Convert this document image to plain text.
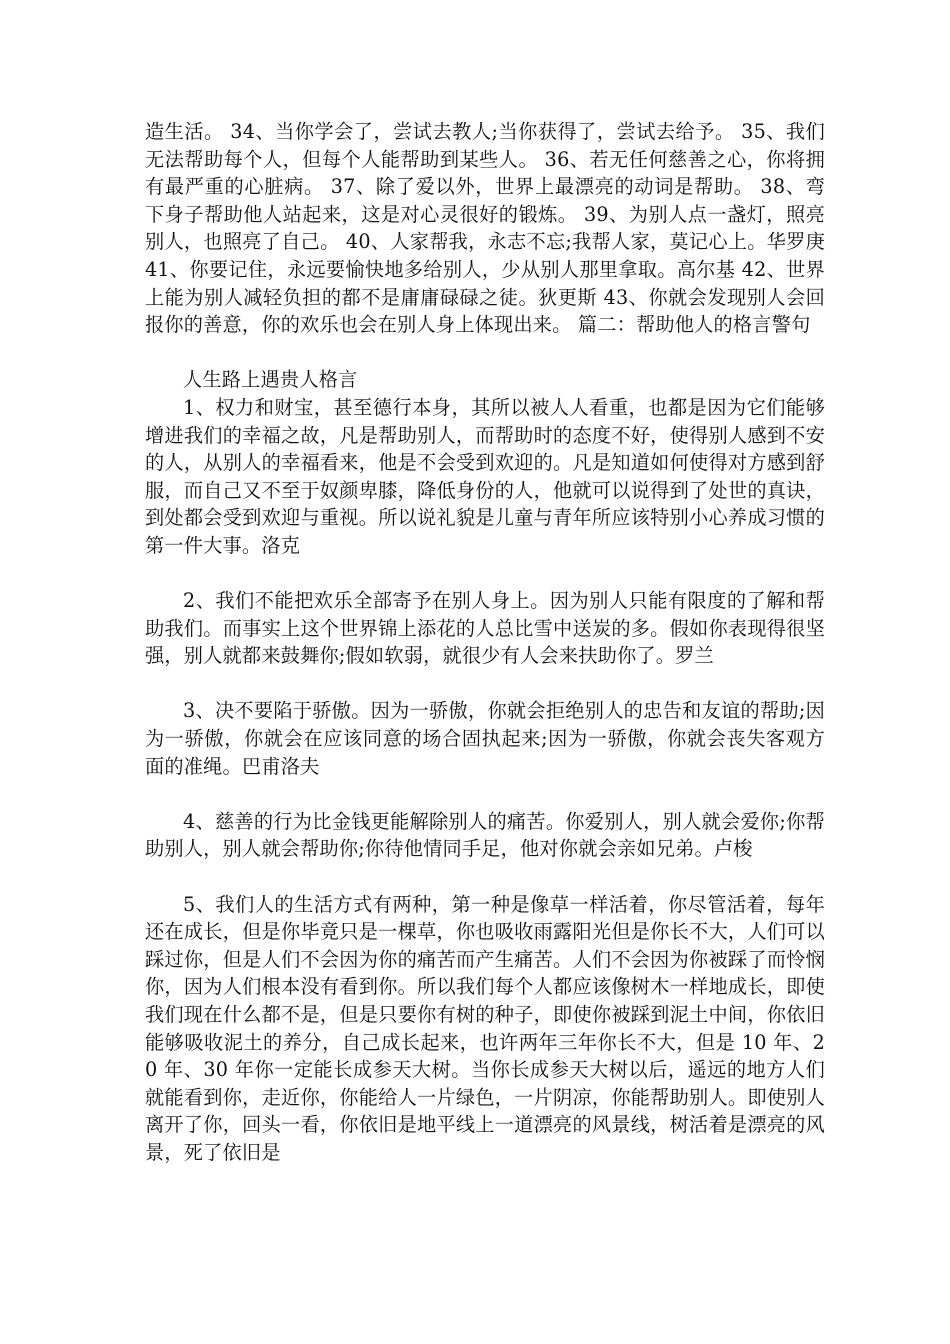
造生活。 34、当你学会了，尝试去教人;当你获得了，尝试去给予。 35、我们无法帮助每个人，但每个人能帮助到某些人。 36、若无任何慈善之心，你将拥有最严重的心脏病。 37、除了爱以外，世界上最漂亮的动词是帮助。 38、弯下身子帮助他人站起来，这是对心灵很好的锻炼。 39、为别人点一盏灯，照亮别人，也照亮了自己。 40、人家帮我，永志不忘;我帮人家，莫记心上。华罗庚 41、你要记住，永远要愉快地多给别人，少从别人那里拿取。高尔基 42、世界上能为别人减轻负担的都不是庸庸碌碌之徒。狄更斯 43、你就会发现别人会回报你的善意，你的欢乐也会在别人身上体现出来。 篇二：帮助他人的格言警句

人生路上遇贵人格言

1、权力和财宝，甚至德行本身，其所以被人人看重，也都是因为它们能够增进我们的幸福之故，凡是帮助别人，而帮助时的态度不好，使得别人感到不安的人，从别人的幸福看来，他是不会受到欢迎的。凡是知道如何使得对方感到舒服，而自己又不至于奴颜卑膝，降低身份的人，他就可以说得到了处世的真诀，到处都会受到欢迎与重视。所以说礼貌是儿童与青年所应该特别小心养成习惯的第一件大事。洛克

2、我们不能把欢乐全部寄予在别人身上。因为别人只能有限度的了解和帮助我们。而事实上这个世界锦上添花的人总比雪中送炭的多。假如你表现得很坚强，别人就都来鼓舞你;假如软弱，就很少有人会来扶助你了。罗兰

3、决不要陷于骄傲。因为一骄傲，你就会拒绝别人的忠告和友谊的帮助;因为一骄傲，你就会在应该同意的场合固执起来;因为一骄傲，你就会丧失客观方面的准绳。巴甫洛夫

4、慈善的行为比金钱更能解除别人的痛苦。你爱别人，别人就会爱你;你帮助别人，别人就会帮助你;你待他情同手足，他对你就会亲如兄弟。卢梭

5、我们人的生活方式有两种，第一种是像草一样活着，你尽管活着，每年还在成长，但是你毕竟只是一棵草，你也吸收雨露阳光但是你长不大，人们可以踩过你，但是人们不会因为你的痛苦而产生痛苦。人们不会因为你被踩了而怜悯你，因为人们根本没有看到你。所以我们每个人都应该像树木一样地成长，即使我们现在什么都不是，但是只要你有树的种子，即使你被踩到泥土中间，你依旧能够吸收泥土的养分，自己成长起来，也许两年三年你长不大，但是 10 年、20 年、30 年你一定能长成参天大树。当你长成参天大树以后，遥远的地方人们就能看到你，走近你，你能给人一片绿色，一片阴凉，你能帮助别人。即使别人离开了你，回头一看，你依旧是地平线上一道漂亮的风景线，树活着是漂亮的风景，死了依旧是
